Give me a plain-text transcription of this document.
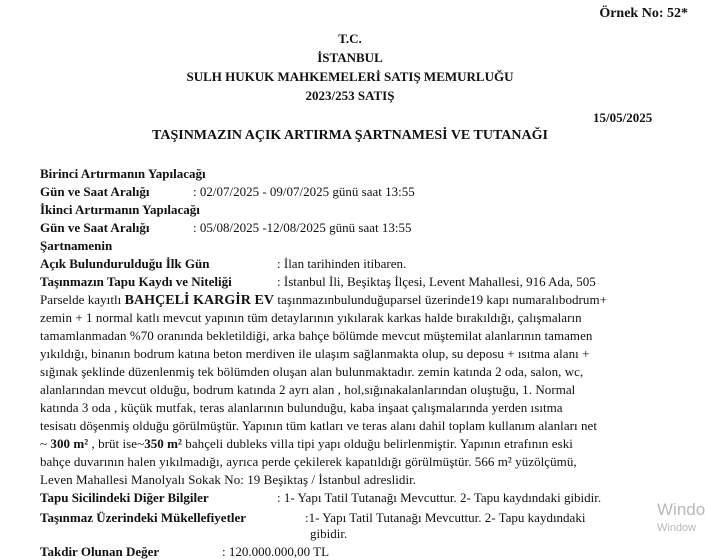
Örnek No: 52*
T.C.
İSTANBUL
SULH HUKUK MAHKEMELERİ SATIŞ MEMURLUĞU
2023/253 SATIŞ
15/05/2025
TAŞINMAZIN AÇIK ARTIRMA ŞARTNAMESİ VE TUTANAĞI
Birinci Artırmanın Yapılacağı
Gün ve Saat Aralığı	: 02/07/2025 - 09/07/2025 günü saat 13:55
İkinci Artırmanın Yapılacağı
Gün ve Saat Aralığı	: 05/08/2025 -12/08/2025 günü saat 13:55
Şartnamenin
Açık Bulundurulduğu İlk Gün	: İlan tarihinden itibaren.
Taşınmazın Tapu Kaydı ve Niteliği	: İstanbul İli, Beşiktaş İlçesi, Levent Mahallesi, 916 Ada, 505
Parselde kayıtlı BAHÇELİ KARGİR EV taşınmazınbulunduğuparsel üzerinde19 kapı numaralıbodrum+
zemin + 1 normal katlı mevcut yapının tüm detaylarının yıkılarak karkas halde bırakıldığı, çalışmaların
tamamlanmadan %70 oranında bekletildiği, arka bahçe bölümde mevcut müştemilat alanlarının tamamen
yıkıldığı, binanın bodrum katına beton merdiven ile ulaşım sağlanmakta olup, su deposu + ısıtma alanı +
sığınak şeklinde düzenlenmiş tek bölümden oluşan alan bulunmaktadır. zemin katında 2 oda, salon, wc,
alanlarından mevcut olduğu, bodrum katında 2 ayrı alan , hol,sığınakalanlarından oluştuğu, 1. Normal
katında 3 oda , küçük mutfak, teras alanlarının bulunduğu, kaba inşaat çalışmalarında yerden ısıtma
tesisatı döşenmiş olduğu görülmüştür. Yapının tüm katları ve teras alanı dahil toplam kullanım alanları net
~ 300 m² , brüt ise~350 m² bahçeli dubleks villa tipi yapı olduğu belirlenmiştir. Yapının etrafının eski
bahçe duvarının halen yıkılmadığı, ayrıca perde çekilerek kapatıldığı görülmüştür. 566 m² yüzölçümü,
Leven Mahallesi Manolyalı Sokak No: 19 Beşiktaş / İstanbul adreslidir.
Tapu Sicilindeki Diğer Bilgiler	: 1- Yapı Tatil Tutanağı Mevcuttur. 2- Tapu kaydındaki gibidir.
Taşınmaz Üzerindeki Mükellefiyetler	:1- Yapı Tatil Tutanağı Mevcuttur. 2- Tapu kaydındaki
gibidir.
Takdir Olunan Değer	: 120.000.000,00 TL
Windo
Window
